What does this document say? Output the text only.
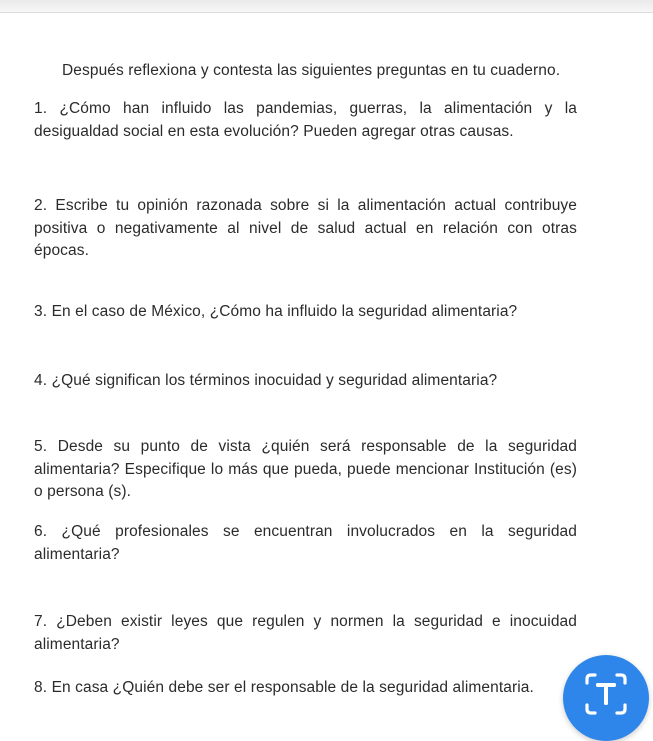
Después reflexiona y contesta las siguientes preguntas en tu cuaderno.
1. ¿Cómo han influido las pandemias, guerras, la alimentación y la desigualdad social en esta evolución? Pueden agregar otras causas.
2. Escribe tu opinión razonada sobre si la alimentación actual contribuye positiva o negativamente al nivel de salud actual en relación con otras épocas.
3. En el caso de México, ¿Cómo ha influido la seguridad alimentaria?
4. ¿Qué significan los términos inocuidad y seguridad alimentaria?
5. Desde su punto de vista ¿quién será responsable de la seguridad alimentaria? Especifique lo más que pueda, puede mencionar Institución (es) o persona (s).
6. ¿Qué profesionales se encuentran involucrados en la seguridad alimentaria?
7. ¿Deben existir leyes que regulen y normen la seguridad e inocuidad alimentaria?
8. En casa ¿Quién debe ser el responsable de la seguridad alimentaria.
